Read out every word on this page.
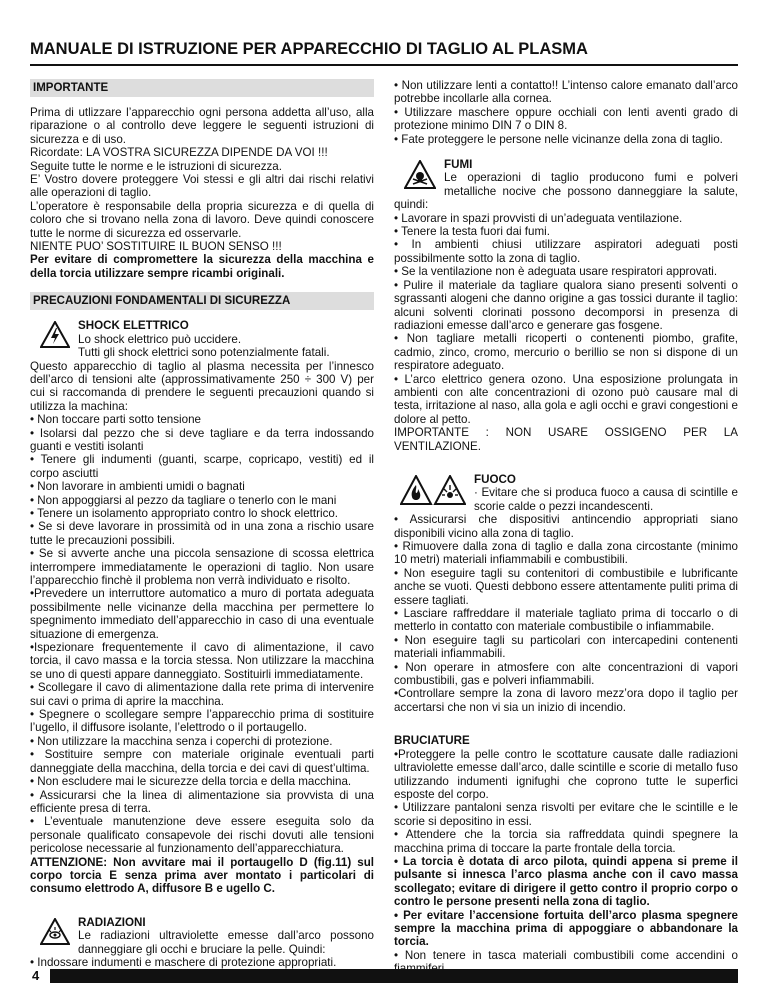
MANUALE DI ISTRUZIONE PER APPARECCHIO DI TAGLIO AL PLASMA
IMPORTANTE

Prima di utlizzare l’apparecchio ogni persona addetta all’uso, alla riparazione o al controllo deve leggere le seguenti istruzioni di sicurezza e di uso.

Ricordate: LA VOSTRA SICUREZZA DIPENDE DA VOI !!!

Seguite tutte le norme e le istruzioni di sicurezza.

E’ Vostro dovere proteggere Voi stessi e gli altri dai rischi relativi alle operazioni di taglio.

L’operatore è responsabile della propria sicurezza e di quella di coloro che si trovano nella zona di lavoro. Deve quindi conoscere tutte le norme di sicurezza ed osservarle.

NIENTE PUO’ SOSTITUIRE IL BUON SENSO !!!

Per evitare di compromettere la sicurezza della macchina e della torcia utilizzare sempre ricambi originali.

PRECAUZIONI FONDAMENTALI DI SICUREZZA

SHOCK ELETTRICO

Lo shock elettrico può uccidere.

Tutti gli shock elettrici sono potenzialmente fatali.

Questo apparecchio di taglio al plasma necessita per l’innesco dell’arco di tensioni alte (approssimativamente 250 ÷ 300 V) per cui si raccomanda di prendere le seguenti precauzioni quando si utilizza la machina:

• Non toccare parti sotto tensione

• Isolarsi dal pezzo che si deve tagliare e da terra indossando guanti e vestiti isolanti

• Tenere gli indumenti (guanti, scarpe, copricapo, vestiti) ed il corpo asciutti

• Non lavorare in ambienti umidi o bagnati

• Non appoggiarsi al pezzo da tagliare o tenerlo con le mani

• Tenere un isolamento appropriato contro lo shock elettrico.

• Se si deve lavorare in prossimità od in una zona a rischio usare tutte le precauzioni possibili.

• Se si avverte anche una piccola sensazione di scossa elettrica interrompere immediatamente le operazioni di taglio. Non usare l’apparecchio finchè il problema non verrà individuato e risolto.

•Prevedere un interruttore automatico a muro di portata adeguata possibilmente nelle vicinanze della macchina per permettere lo spegnimento immediato dell’apparecchio in caso di una eventuale situazione di emergenza.

•Ispezionare frequentemente il cavo di alimentazione, il cavo torcia, il cavo massa e la torcia stessa. Non utilizzare la macchina se uno di questi appare danneggiato. Sostituirli immediatamente.

• Scollegare il cavo di alimentazione dalla rete prima di intervenire sui cavi o prima di aprire la macchina.

• Spegnere o scollegare sempre l’apparecchio prima di sostituire l’ugello, il diffusore isolante, l’elettrodo o il portaugello.

• Non utilizzare la macchina senza i coperchi di protezione.

• Sostituire sempre con materiale originale eventuali parti danneggiate della macchina, della torcia e dei cavi di quest’ultima.

• Non escludere mai le sicurezze della torcia e della macchina.

• Assicurarsi che la linea di alimentazione sia provvista di una efficiente presa di terra.

• L’eventuale manutenzione deve essere eseguita solo da personale qualificato consapevole dei rischi dovuti alle tensioni pericolose necessarie al funzionamento dell’apparecchiatura.

ATTENZIONE: Non avvitare mai il portaugello D (fig.11) sul corpo torcia E senza prima aver montato i particolari di consumo elettrodo A, diffusore B e ugello C.

RADIAZIONI

Le radiazioni ultraviolette emesse dall’arco possono danneggiare gli occhi e bruciare la pelle. Quindi:

• Indossare indumenti e maschere di protezione appropriati.

• Non utilizzare lenti a contatto!! L’intenso calore emanato dall’arco potrebbe incollarle alla cornea.

• Utilizzare maschere oppure occhiali con lenti aventi grado di protezione minimo DIN 7 o DIN 8.

• Fate proteggere le persone nelle vicinanze della zona di taglio.

FUMI

Le operazioni di taglio producono fumi e polveri metalliche nocive che possono danneggiare la salute, quindi:

• Lavorare in spazi provvisti di un’adeguata ventilazione.

• Tenere la testa fuori dai fumi.

• In ambienti chiusi utilizzare aspiratori adeguati posti possibilmente sotto la zona di taglio.

• Se la ventilazione non è adeguata usare respiratori approvati.

• Pulire il materiale da tagliare qualora siano presenti solventi o sgrassanti alogeni che danno origine a gas tossici durante il taglio: alcuni solventi clorinati possono decomporsi in presenza di radiazioni emesse dall’arco e generare gas fosgene.

• Non tagliare metalli ricoperti o contenenti piombo, grafite, cadmio, zinco, cromo, mercurio o berillio se non si dispone di un respiratore adeguato.

• L’arco elettrico genera ozono. Una esposizione prolungata in ambienti con alte concentrazioni di ozono può causare mal di testa, irritazione al naso, alla gola e agli occhi e gravi congestioni e dolore al petto.

IMPORTANTE : NON USARE OSSIGENO PER LA VENTILAZIONE.

FUOCO

· Evitare che si produca fuoco a causa di scintille e scorie calde o pezzi incandescenti.

• Assicurarsi che dispositivi antincendio appropriati siano disponibili vicino alla zona di taglio.

• Rimuovere dalla zona di taglio e dalla zona circostante (minimo 10 metri) materiali infiammabili e combustibili.

• Non eseguire tagli su contenitori di combustibile e lubrificante anche se vuoti. Questi debbono essere attentamente puliti prima di essere tagliati.

• Lasciare raffreddare il materiale tagliato prima di toccarlo o di metterlo in contatto con materiale combustibile o infiammabile.

• Non eseguire tagli su particolari con intercapedini contenenti materiali infiammabili.

• Non operare in atmosfere con alte concentrazioni di vapori combustibili, gas e polveri infiammabili.

•Controllare sempre la zona di lavoro mezz’ora dopo il taglio per accertarsi che non vi sia un inizio di incendio.

BRUCIATURE

•Proteggere la pelle contro le scottature causate dalle radiazioni ultraviolette emesse dall’arco, dalle scintille e scorie di metallo fuso utilizzando indumenti ignifughi che coprono tutte le superfici esposte del corpo.

• Utilizzare pantaloni senza risvolti per evitare che le scintille e le scorie si depositino in essi.

• Attendere che la torcia sia raffreddata quindi spegnere la macchina prima di toccare la parte frontale della torcia.

• La torcia è dotata di arco pilota, quindi appena si preme il pulsante si innesca l’arco plasma anche con il cavo massa scollegato; evitare di dirigere il getto contro il proprio corpo o contro le persone presenti nella zona di taglio.

• Per evitare l’accensione fortuita dell’arco plasma spegnere sempre la macchina prima di appoggiare o abbandonare la torcia.

• Non tenere in tasca materiali combustibili come accendini o

4
